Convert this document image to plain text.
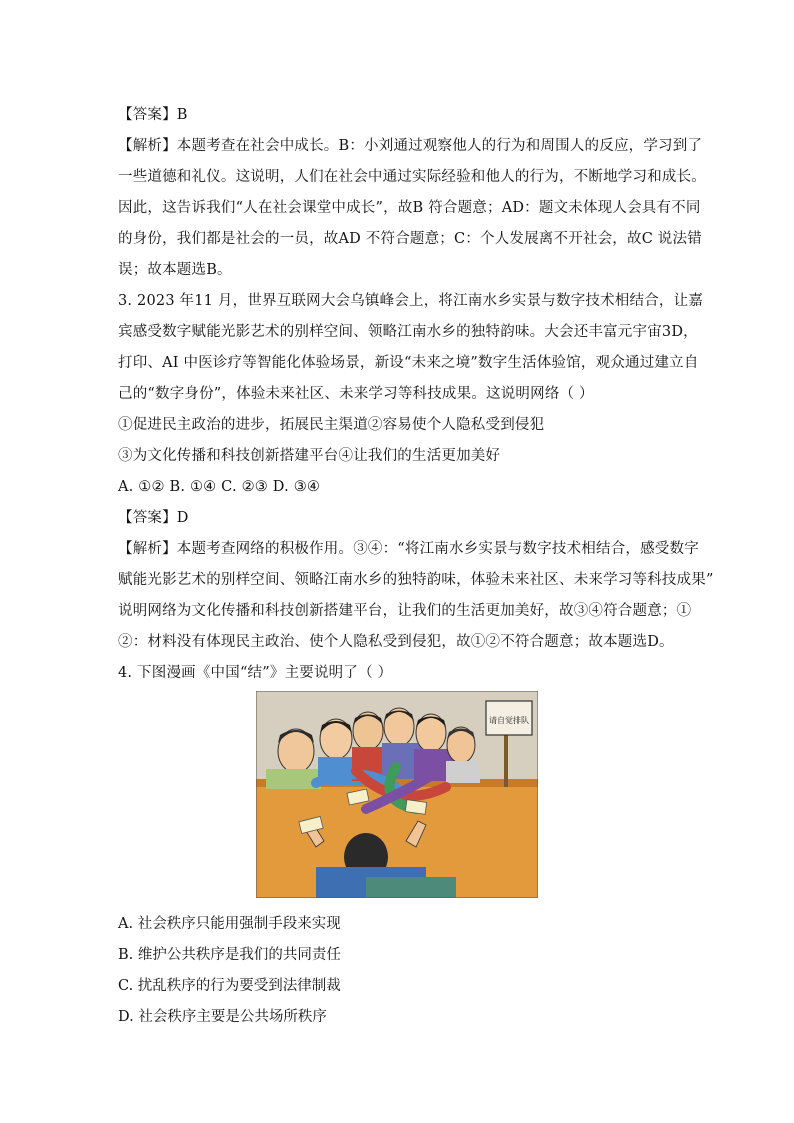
【答案】B
【解析】本题考查在社会中成长。B：小刘通过观察他人的行为和周围人的反应，学习到了
一些道德和礼仪。这说明，人们在社会中通过实际经验和他人的行为，不断地学习和成长。
因此，这告诉我们“人在社会课堂中成长”，故B 符合题意；AD：题文未体现人会具有不同
的身份，我们都是社会的一员，故AD 不符合题意；C：个人发展离不开社会，故C 说法错
误；故本题选B。
3. 2023 年11 月，世界互联网大会乌镇峰会上，将江南水乡实景与数字技术相结合，让嘉
宾感受数字赋能光影艺术的别样空间、领略江南水乡的独特韵味。大会还丰富元宇宙3D，
打印、AI 中医诊疗等智能化体验场景，新设“未来之境”数字生活体验馆，观众通过建立自
己的“数字身份”，体验未来社区、未来学习等科技成果。这说明网络（ ）
①促进民主政治的进步，拓展民主渠道②容易使个人隐私受到侵犯
③为文化传播和科技创新搭建平台④让我们的生活更加美好
A. ①② B. ①④ C. ②③ D. ③④
【答案】D
【解析】本题考查网络的积极作用。③④：“将江南水乡实景与数字技术相结合，感受数字
赋能光影艺术的别样空间、领略江南水乡的独特韵味，体验未来社区、未来学习等科技成果”
说明网络为文化传播和科技创新搭建平台，让我们的生活更加美好，故③④符合题意；①
②：材料没有体现民主政治、使个人隐私受到侵犯，故①②不符合题意；故本题选D。
4. 下图漫画《中国“结”》主要说明了（ ）
请自觉排队
A. 社会秩序只能用强制手段来实现
B. 维护公共秩序是我们的共同责任
C. 扰乱秩序的行为要受到法律制裁
D. 社会秩序主要是公共场所秩序
